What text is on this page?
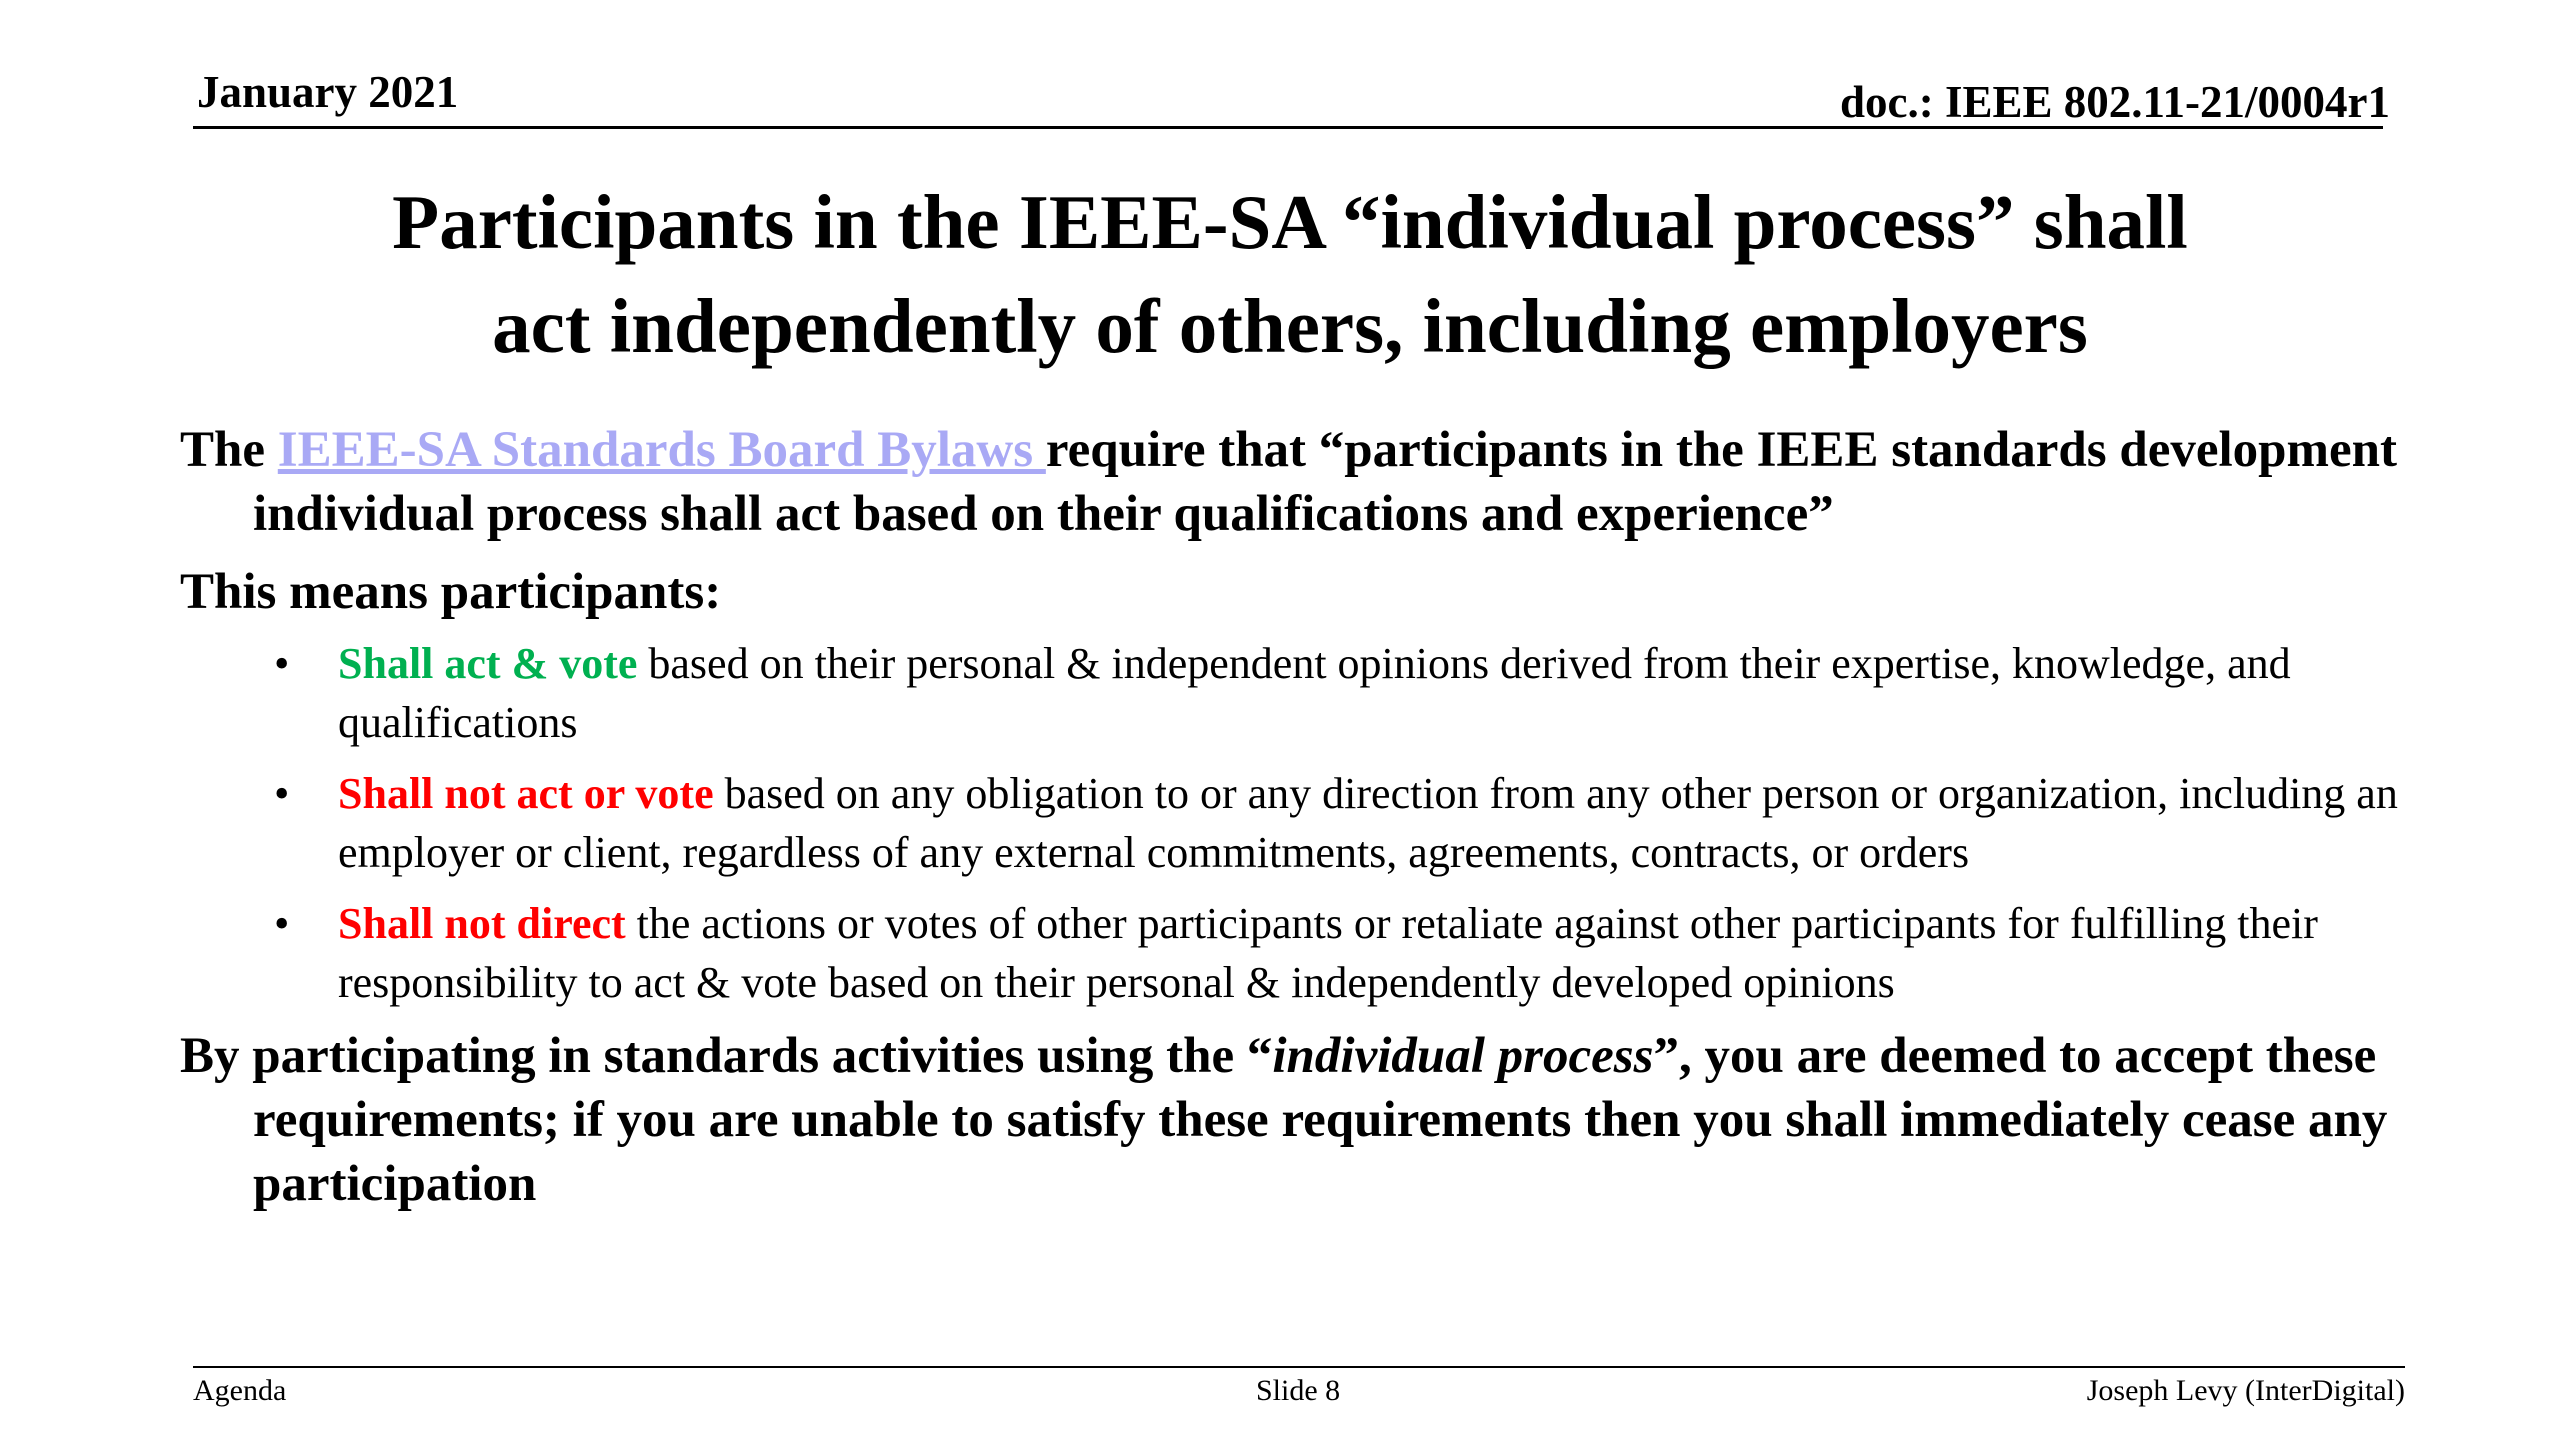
January 2021	doc.: IEEE 802.11-21/0004r1
Participants in the IEEE-SA “individual process” shall
act independently of others, including employers

The IEEE-SA Standards Board Bylaws require that “participants in the IEEE standards development individual process shall act based on their qualifications and experience”

This means participants:

• Shall act & vote based on their personal & independent opinions derived from their expertise, knowledge, and qualifications
• Shall not act or vote based on any obligation to or any direction from any other person or organization, including an employer or client, regardless of any external commitments, agreements, contracts, or orders
• Shall not direct the actions or votes of other participants or retaliate against other participants for fulfilling their responsibility to act & vote based on their personal & independently developed opinions

By participating in standards activities using the “individual process”, you are deemed to accept these requirements; if you are unable to satisfy these requirements then you shall immediately cease any participation

Agenda	Slide 8	Joseph Levy (InterDigital)
